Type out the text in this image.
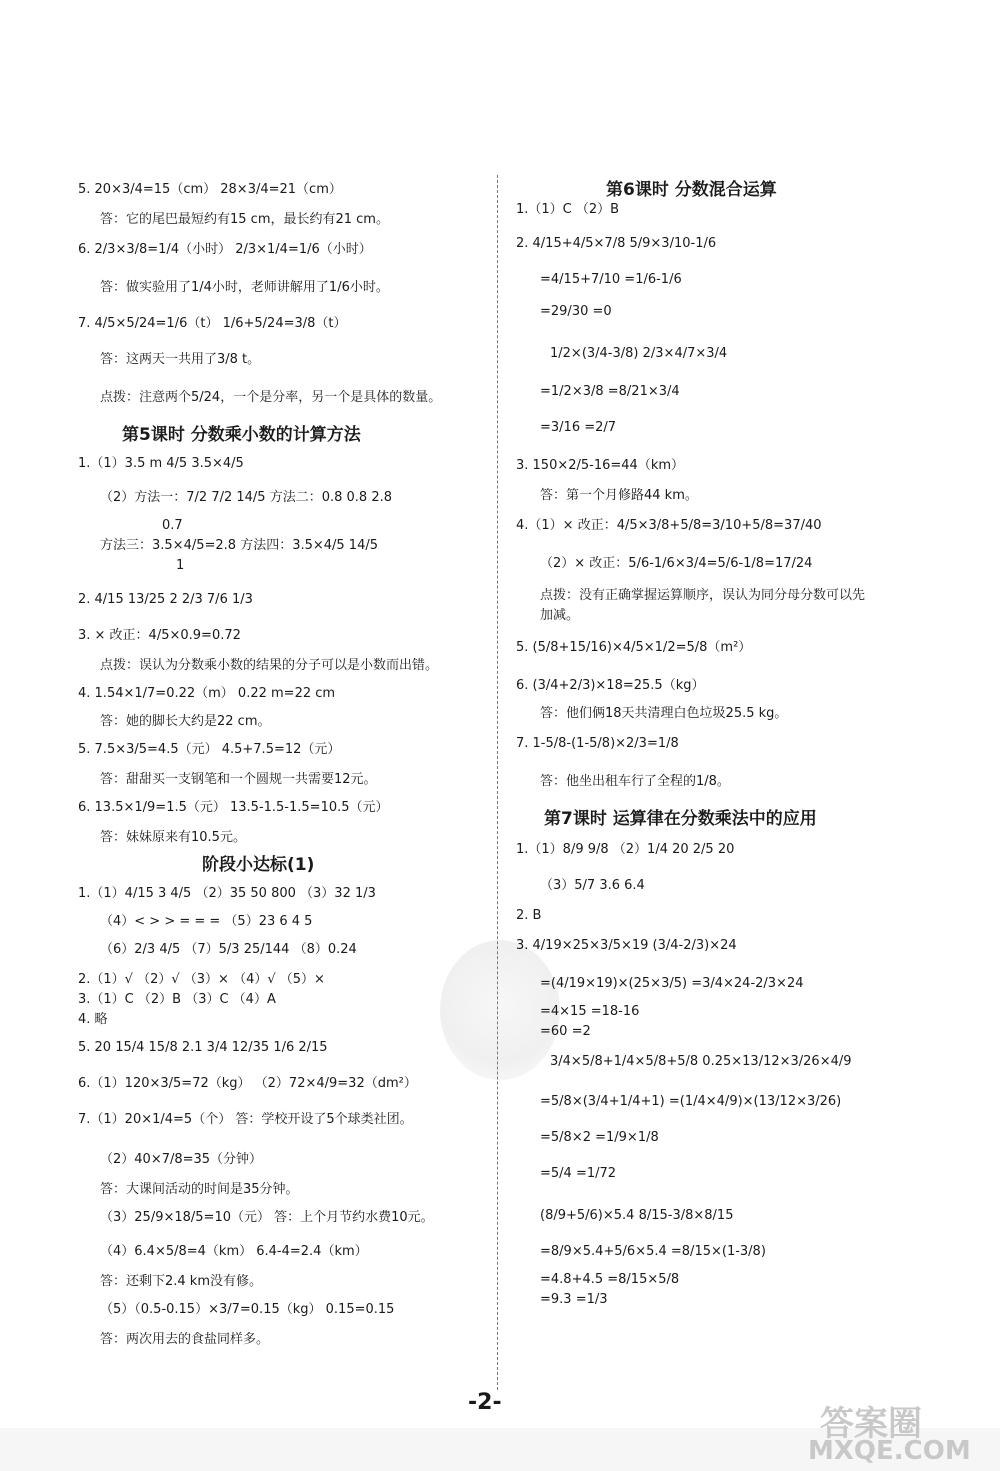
5. 20×3/4=15（cm） 28×3/4=21（cm）
答：它的尾巴最短约有15 cm，最长约有21 cm。
6. 2/3×3/8=1/4（小时） 2/3×1/4=1/6（小时）
答：做实验用了1/4小时，老师讲解用了1/6小时。
7. 4/5×5/24=1/6（t） 1/6+5/24=3/8（t）
答：这两天一共用了3/8 t。
点拨：注意两个5/24，一个是分率，另一个是具体的数量。
第5课时 分数乘小数的计算方法
1.（1）3.5 m 4/5 3.5×4/5
（2）方法一：7/2 7/2 14/5 方法二：0.8 0.8 2.8
0.7
方法三：3.5×4/5=2.8 方法四：3.5×4/5 14/5
1
2. 4/15 13/25 2 2/3 7/6 1/3
3. × 改正：4/5×0.9=0.72
点拨：误认为分数乘小数的结果的分子可以是小数而出错。
4. 1.54×1/7=0.22（m） 0.22 m=22 cm
答：她的脚长大约是22 cm。
5. 7.5×3/5=4.5（元） 4.5+7.5=12（元）
答：甜甜买一支钢笔和一个圆规一共需要12元。
6. 13.5×1/9=1.5（元） 13.5-1.5-1.5=10.5（元）
答：妹妹原来有10.5元。
阶段小达标(1)
1.（1）4/15 3 4/5 （2）35 50 800 （3）32 1/3
（4）< > > = = = （5）23 6 4 5
（6）2/3 4/5 （7）5/3 25/144 （8）0.24
2.（1）√ （2）√ （3）× （4）√ （5）×
3.（1）C （2）B （3）C （4）A
4. 略
5. 20 15/4 15/8 2.1 3/4 12/35 1/6 2/15
6.（1）120×3/5=72（kg） （2）72×4/9=32（dm²）
7.（1）20×1/4=5（个） 答：学校开设了5个球类社团。
（2）40×7/8=35（分钟）
答：大课间活动的时间是35分钟。
（3）25/9×18/5=10（元） 答：上个月节约水费10元。
（4）6.4×5/8=4（km） 6.4-4=2.4（km）
答：还剩下2.4 km没有修。
（5）（0.5-0.15）×3/7=0.15（kg） 0.15=0.15
答：两次用去的食盐同样多。
第6课时 分数混合运算
1.（1）C （2）B
2. 4/15+4/5×7/8 5/9×3/10-1/6
=4/15+7/10 =1/6-1/6
=29/30 =0
1/2×(3/4-3/8) 2/3×4/7×3/4
=1/2×3/8 =8/21×3/4
=3/16 =2/7
3. 150×2/5-16=44（km）
答：第一个月修路44 km。
4.（1）× 改正：4/5×3/8+5/8=3/10+5/8=37/40
（2）× 改正：5/6-1/6×3/4=5/6-1/8=17/24
点拨：没有正确掌握运算顺序，误认为同分母分数可以先
加减。
5. (5/8+15/16)×4/5×1/2=5/8（m²）
6. (3/4+2/3)×18=25.5（kg）
答：他们俩18天共清理白色垃圾25.5 kg。
7. 1-5/8-(1-5/8)×2/3=1/8
答：他坐出租车行了全程的1/8。
第7课时 运算律在分数乘法中的应用
1.（1）8/9 9/8 （2）1/4 20 2/5 20
（3）5/7 3.6 6.4
2. B
3. 4/19×25×3/5×19 (3/4-2/3)×24
=(4/19×19)×(25×3/5) =3/4×24-2/3×24
=4×15 =18-16
=60 =2
3/4×5/8+1/4×5/8+5/8 0.25×13/12×3/26×4/9
=5/8×(3/4+1/4+1) =(1/4×4/9)×(13/12×3/26)
=5/8×2 =1/9×1/8
=5/4 =1/72
(8/9+5/6)×5.4 8/15-3/8×8/15
=8/9×5.4+5/6×5.4 =8/15×(1-3/8)
=4.8+4.5 =8/15×5/8
=9.3 =1/3
-2-
答案圈
MXQE.COM
